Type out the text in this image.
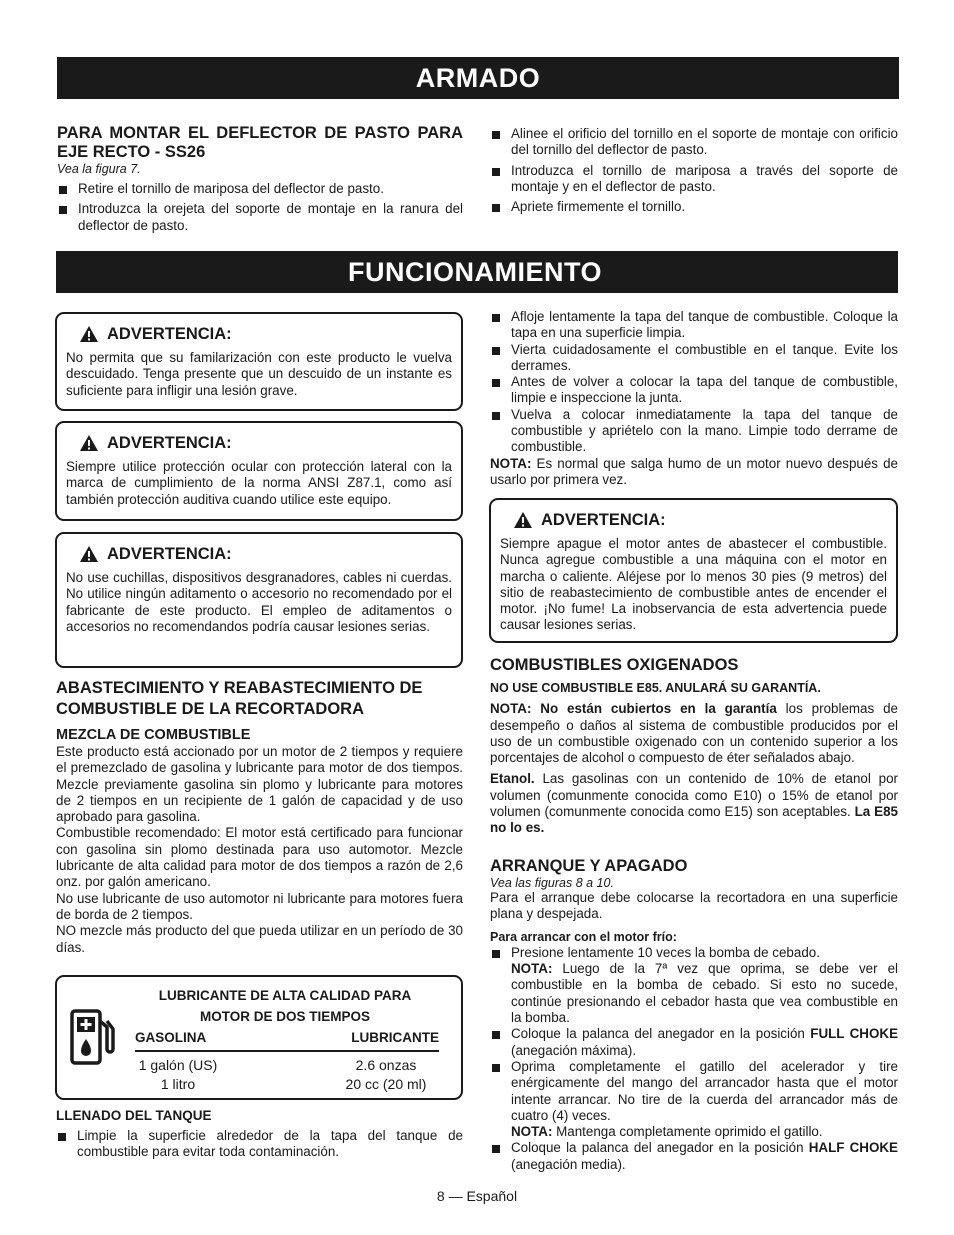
ARMADO
PARA MONTAR EL DEFLECTOR DE PASTO PARA EJE RECTO - SS26

Vea la figura 7.

Retire el tornillo de mariposa del deflector de pasto.
Introduzca la orejeta del soporte de montaje en la ranura del deflector de pasto.
Alinee el orificio del tornillo en el soporte de montaje con orificio del tornillo del deflector de pasto.
Introduzca el tornillo de mariposa a través del soporte de montaje y en el deflector de pasto.
Apriete firmemente el tornillo.
FUNCIONAMIENTO
ADVERTENCIA:

No permita que su familarización con este producto le vuelva descuidado. Tenga presente que un descuido de un instante es suficiente para infligir una lesión grave.

ADVERTENCIA:

Siempre utilice protección ocular con protección lateral con la marca de cumplimiento de la norma ANSI Z87.1, como así también protección auditiva cuando utilice este equipo.

ADVERTENCIA:

No use cuchillas, dispositivos desgranadores, cables ni cuerdas. No utilice ningún aditamento o accesorio no recomendado por el fabricante de este producto. El empleo de aditamentos o accesorios no recomendandos podría causar lesiones serias.

ABASTECIMIENTO Y REABASTECIMIENTO DE COMBUSTIBLE DE LA RECORTADORA
MEZCLA DE COMBUSTIBLE

Este producto está accionado por un motor de 2 tiempos y requiere el premezclado de gasolina y lubricante para motor de dos tiempos. Mezcle previamente gasolina sin plomo y lubricante para motores de 2 tiempos en un recipiente de 1 galón de capacidad y de uso aprobado para gasolina.

Combustible recomendado: El motor está certificado para funcionar con gasolina sin plomo destinada para uso automotor. Mezcle lubricante de alta calidad para motor de dos tiempos a razón de 2,6 onz. por galón americano.

No use lubricante de uso automotor ni lubricante para motores fuera de borda de 2 tiempos.

NO mezcle más producto del que pueda utilizar en un período de 30 días.

LUBRICANTE DE ALTA CALIDAD PARA
MOTOR DE DOS TIEMPOS
GASOLINA	LUBRICANTE
1 galón (US)
1 litro
2.6 onzas
20 cc (20 ml)
LLENADO DEL TANQUE
Limpie la superficie alrededor de la tapa del tanque de combustible para evitar toda contaminación.
Afloje lentamente la tapa del tanque de combustible. Coloque la tapa en una superficie limpia.
Vierta cuidadosamente el combustible en el tanque. Evite los derrames.
Antes de volver a colocar la tapa del tanque de combustible, limpie e inspeccione la junta.
Vuelva a colocar inmediatamente la tapa del tanque de combustible y apriételo con la mano. Limpie todo derrame de combustible.

NOTA: Es normal que salga humo de un motor nuevo después de usarlo por primera vez.

ADVERTENCIA:

Siempre apague el motor antes de abastecer el combustible. Nunca agregue combustible a una máquina con el motor en marcha o caliente. Aléjese por lo menos 30 pies (9 metros) del sitio de reabastecimiento de combustible antes de encender el motor. ¡No fume! La inobservancia de esta advertencia puede causar lesiones serias.

COMBUSTIBLES OXIGENADOS

NO USE COMBUSTIBLE E85. ANULARÁ SU GARANTÍA.

NOTA: No están cubiertos en la garantía los problemas de desempeño o daños al sistema de combustible producidos por el uso de un combustible oxigenado con un contenido superior a los porcentajes de alcohol o compuesto de éter señalados abajo.

Etanol. Las gasolinas con un contenido de 10% de etanol por volumen (comunmente conocida como E10) o 15% de etanol por volumen (comunmente conocida como E15) son aceptables. La E85 no lo es.

ARRANQUE Y APAGADO

Vea las figuras 8 a 10.

Para el arranque debe colocarse la recortadora en una superficie plana y despejada.

Para arrancar con el motor frío:

Presione lentamente 10 veces la bomba de cebado.

NOTA: Luego de la 7ª vez que oprima, se debe ver el combustible en la bomba de cebado. Si esto no sucede, continúe presionando el cebador hasta que vea combustible en la bomba.

Coloque la palanca del anegador en la posición FULL CHOKE (anegación máxima).
Oprima completamente el gatillo del acelerador y tire enérgicamente del mango del arrancador hasta que el motor intente arrancar. No tire de la cuerda del arrancador más de cuatro (4) veces.

NOTA: Mantenga completamente oprimido el gatillo.

Coloque la palanca del anegador en la posición HALF CHOKE (anegación media).
8 — Español
